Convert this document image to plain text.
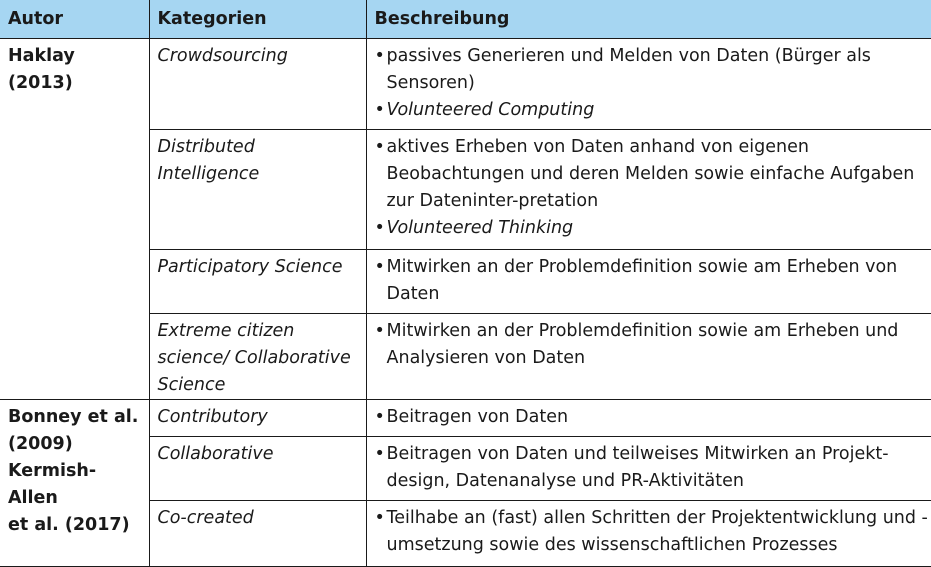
Autor	Kategorien	Beschreibung

Haklay (2013)	Crowdsourcing	• passives Generieren und Melden von Daten (Bürger als Sensoren)
• Volunteered Computing

	Distributed Intelligence	• aktives Erheben von Daten anhand von eigenen Beobachtungen und deren Melden sowie einfache Aufgaben zur Dateninter-pretation
• Volunteered Thinking

	Participatory Science	• Mitwirken an der Problemdefinition sowie am Erheben von Daten

	Extreme citizen science/ Collaborative Science	• Mitwirken an der Problemdefinition sowie am Erheben und Analysieren von Daten

Bonney et al.
(2009)
Kermish-Allen
et al. (2017)	Contributory	• Beitragen von Daten

	Collaborative	• Beitragen von Daten und teilweises Mitwirken an Projekt-design, Datenanalyse und PR-Aktivitäten

	Co-created	• Teilhabe an (fast) allen Schritten der Projektentwicklung und -umsetzung sowie des wissenschaftlichen Prozesses
